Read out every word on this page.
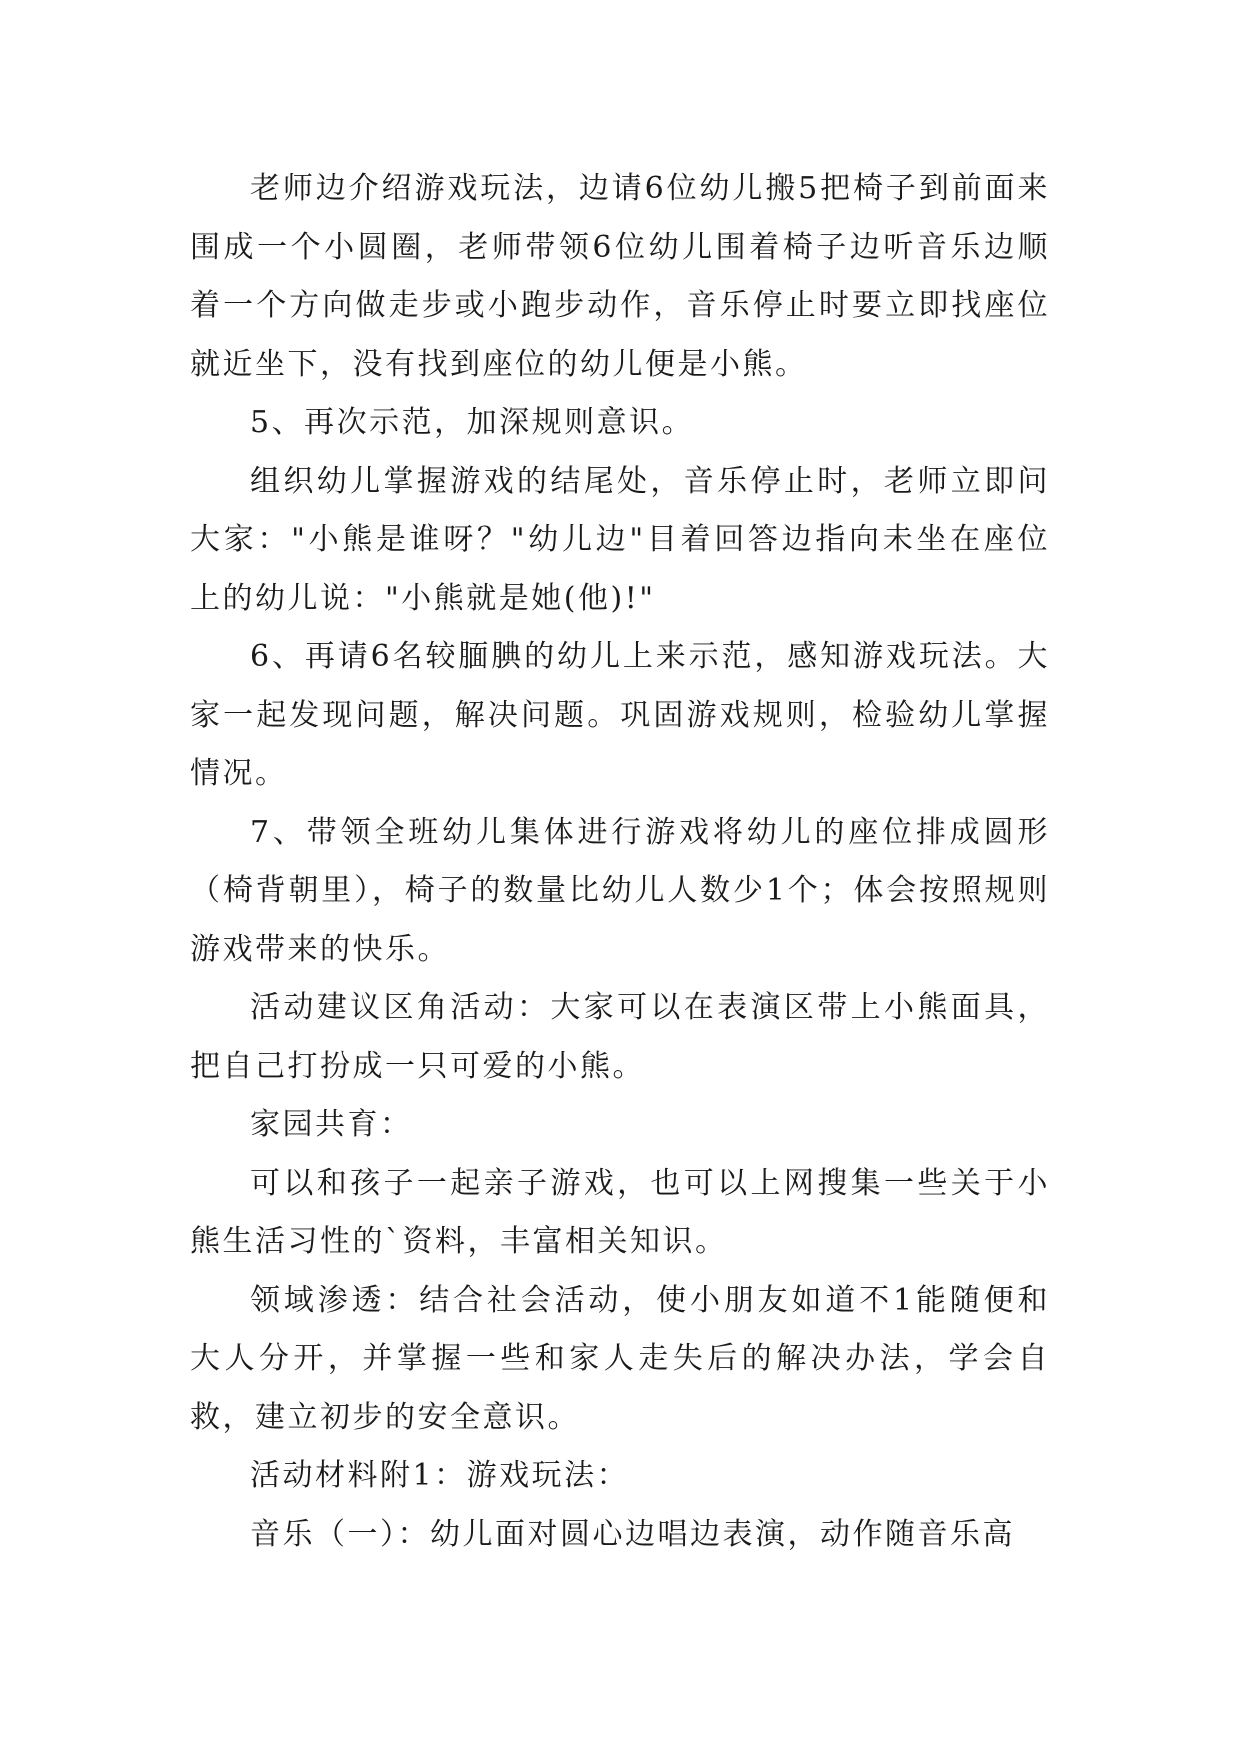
老师边介绍游戏玩法，边请6位幼儿搬5把椅子到前面来围成一个小圆圈，老师带领6位幼儿围着椅子边听音乐边顺着一个方向做走步或小跑步动作，音乐停止时要立即找座位就近坐下，没有找到座位的幼儿便是小熊。

5、再次示范，加深规则意识。

组织幼儿掌握游戏的结尾处，音乐停止时，老师立即问大家："小熊是谁呀？"幼儿边"目着回答边指向未坐在座位上的幼儿说："小熊就是她(他)!"

6、再请6名较腼腆的幼儿上来示范，感知游戏玩法。大家一起发现问题，解决问题。巩固游戏规则，检验幼儿掌握情况。

7、带领全班幼儿集体进行游戏将幼儿的座位排成圆形（椅背朝里），椅子的数量比幼儿人数少1个；体会按照规则游戏带来的快乐。

活动建议区角活动：大家可以在表演区带上小熊面具，把自己打扮成一只可爱的小熊。

家园共育：

可以和孩子一起亲子游戏，也可以上网搜集一些关于小熊生活习性的`资料，丰富相关知识。

领域渗透：结合社会活动，使小朋友如道不1能随便和大人分开，并掌握一些和家人走失后的解决办法，学会自救，建立初步的安全意识。

活动材料附1：游戏玩法：

音乐（一）：幼儿面对圆心边唱边表演，动作随音乐高
